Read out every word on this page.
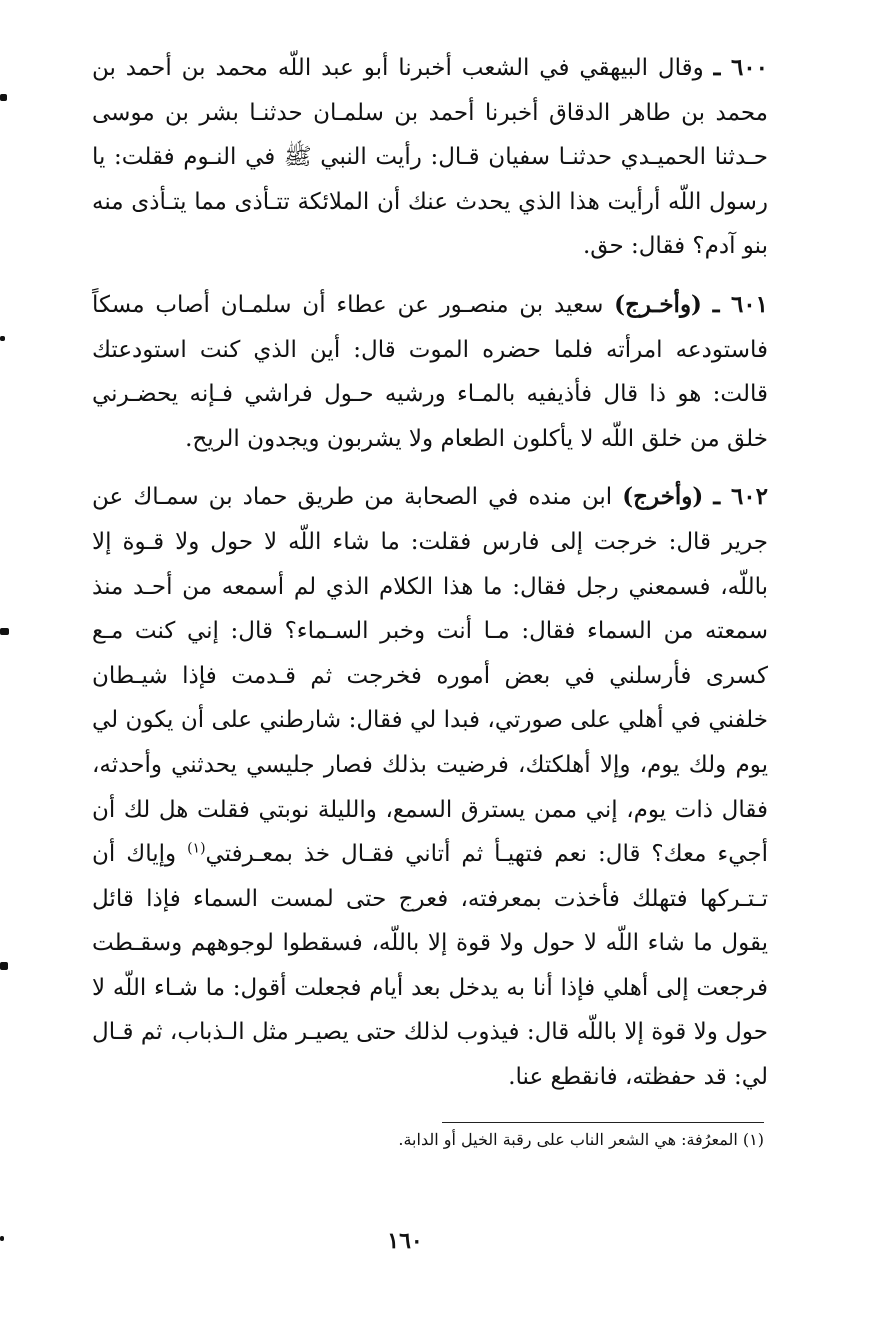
٦٠٠ ـ وقال البيهقي في الشعب أخبرنا أبو عبد اللّه محمد بن أحمد بن محمد بن طاهر الدقاق أخبرنا أحمد بن سلمـان حدثنـا بشر بن موسى حـدثنا الحميـدي حدثنـا سفيان قـال: رأيت النبي ﷺ في النـوم فقلت: يا رسول اللّه أرأيت هذا الذي يحدث عنك أن الملائكة تتـأذى مما يتـأذى منه بنو آدم؟ فقال: حق.

٦٠١ ـ (وأخـرج) سعيد بن منصـور عن عطاء أن سلمـان أصاب مسكاً فاستودعه امرأته فلما حضره الموت قال: أين الذي كنت استودعتك قالت: هو ذا قال فأذيفيه بالمـاء ورشيه حـول فراشي فـإنه يحضـرني خلق من خلق اللّه لا يأكلون الطعام ولا يشربون ويجدون الريح.

٦٠٢ ـ (وأخرج) ابن منده في الصحابة من طريق حماد بن سمـاك عن جرير قال: خرجت إلى فارس فقلت: ما شاء اللّه لا حول ولا قـوة إلا باللّه، فسمعني رجل فقال: ما هذا الكلام الذي لم أسمعه من أحـد منذ سمعته من السماء فقال: مـا أنت وخبر السـماء؟ قال: إني كنت مـع كسرى فأرسلني في بعض أموره فخرجت ثم قـدمت فإذا شيـطان خلفني في أهلي على صورتي، فبدا لي فقال: شارطني على أن يكون لي يوم ولك يوم، وإلا أهلكتك، فرضيت بذلك فصار جليسي يحدثني وأحدثه، فقال ذات يوم، إني ممن يسترق السمع، والليلة نوبتي فقلت هل لك أن أجيء معك؟ قال: نعم فتهيـأ ثم أتاني فقـال خذ بمعـرفتي$^{(١)}$ وإياك أن تـتـركها فتهلك فأخذت بمعرفته، فعرج حتى لمست السماء فإذا قائل يقول ما شاء اللّه لا حول ولا قوة إلا باللّه، فسقطوا لوجوههم وسقـطت فرجعت إلى أهلي فإذا أنا به يدخل بعد أيام فجعلت أقول: ما شـاء اللّه لا حول ولا قوة إلا باللّه قال: فيذوب لذلك حتى يصيـر مثل الـذباب، ثم قـال لي: قد حفظته، فانقطع عنا.

(١) المعرُفة: هي الشعر الناب على رقبة الخيل أو الدابة.
١٦٠
